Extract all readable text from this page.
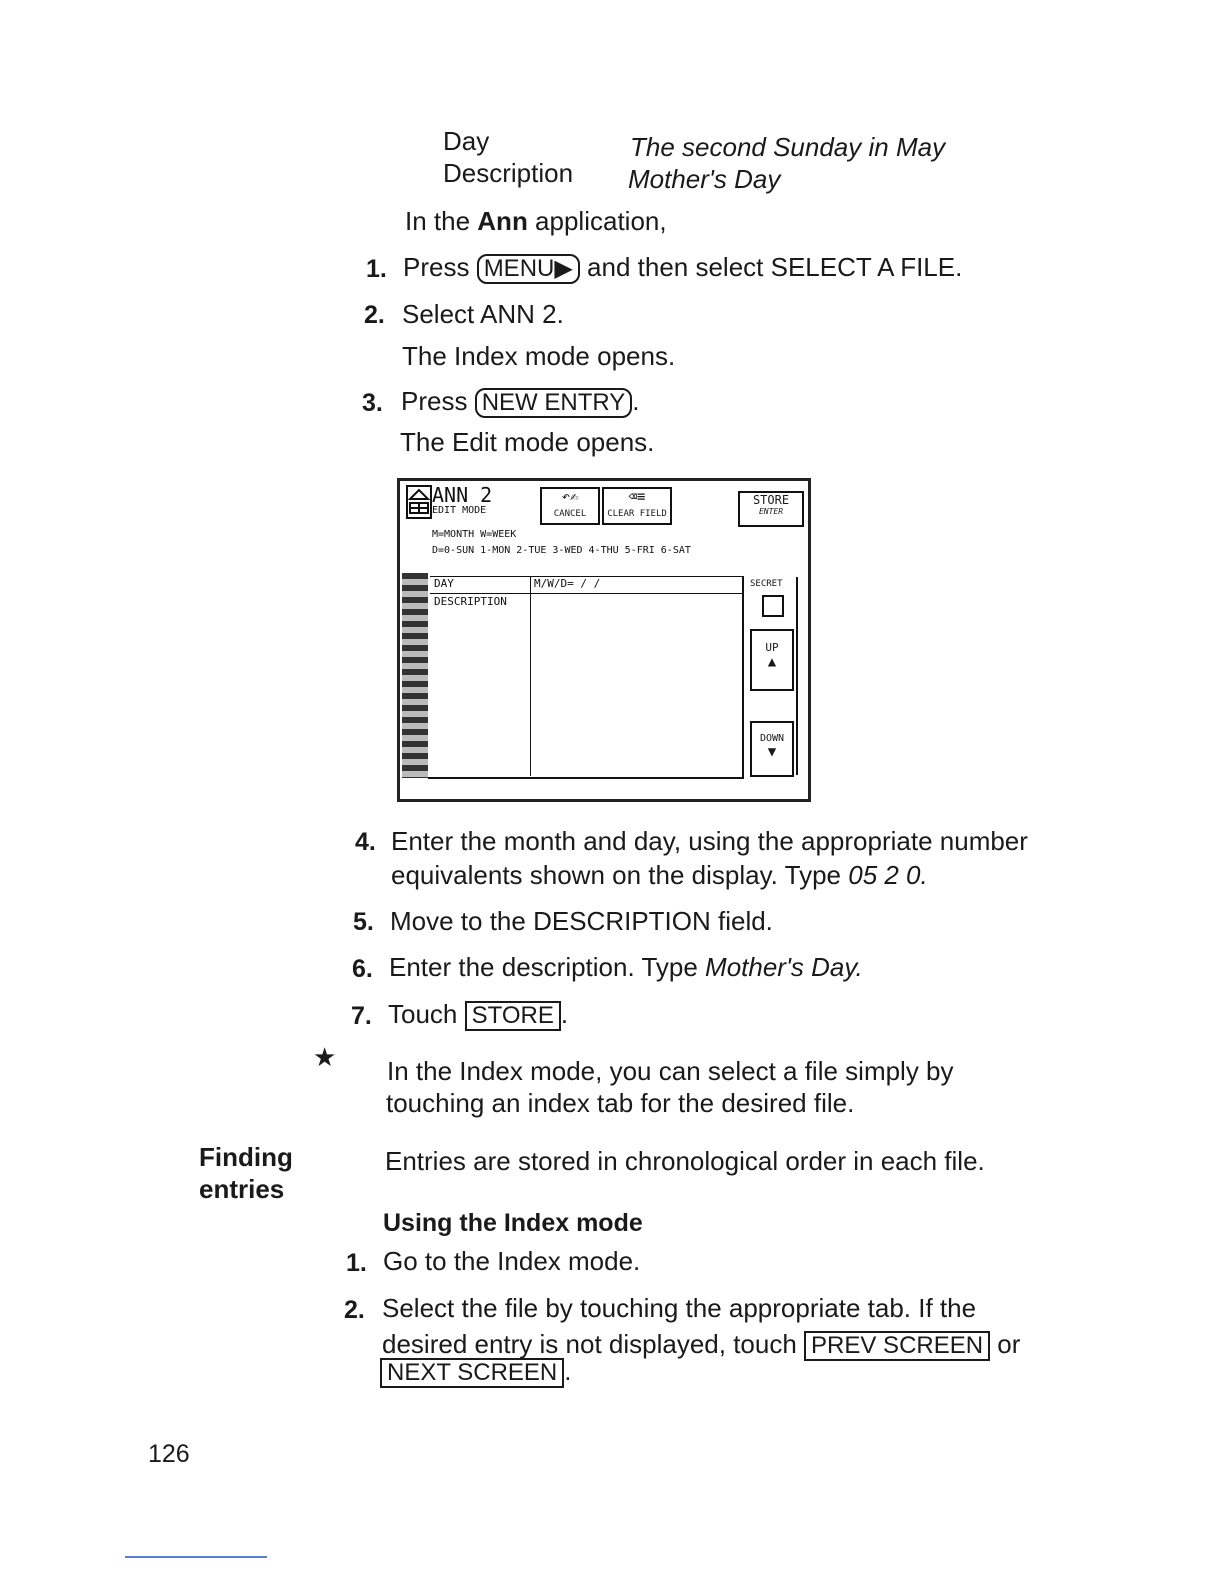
Day	The second Sunday in May
Description Mother's Day
In the Ann application,
1. Press MENU▶ and then select SELECT A FILE.
2. Select ANN 2.
The Index mode opens.
3. Press NEW ENTRY .
The Edit mode opens.
ANN 2
EDIT MODE
↶✍
CANCEL
⌫≡
CLEAR FIELD
STORE
ENTER
M=MONTH W=WEEK
D=0-SUN 1-MON 2-TUE 3-WED 4-THU 5-FRI 6-SAT
DAY	M/W/D= / /
DESCRIPTION
SECRET
UP
▲
DOWN
▼
4. Enter the month and day, using the appropriate number
equivalents shown on the display. Type 05 2 0.
5. Move to the DESCRIPTION field.
6. Enter the description. Type Mother's Day.
7. Touch STORE .
★ In the Index mode, you can select a file simply by
touching an index tab for the desired file.
Finding
entries
Entries are stored in chronological order in each file.
Using the Index mode
1. Go to the Index mode.
2. Select the file by touching the appropriate tab. If the
desired entry is not displayed, touch PREV SCREEN or
NEXT SCREEN .
126
